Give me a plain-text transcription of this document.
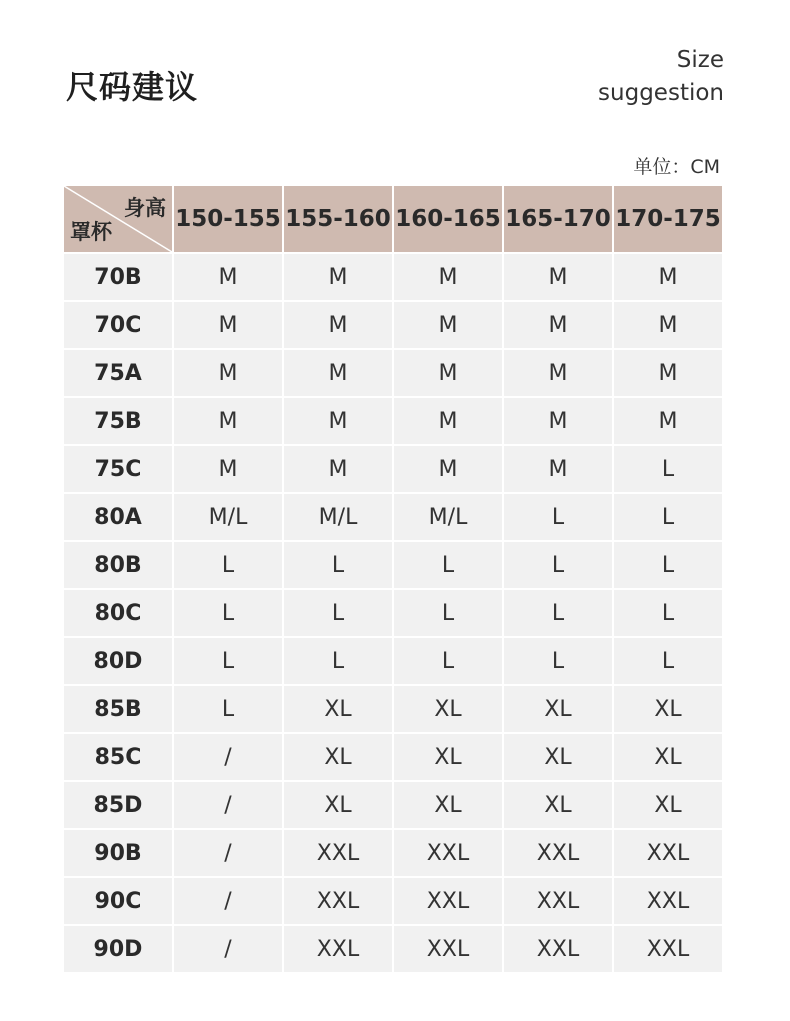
尺码建议
Size
suggestion
单位：CM
身高
罩杯	150-155	155-160	160-165	165-170	170-175
70B	M	M	M	M	M
70C	M	M	M	M	M
75A	M	M	M	M	M
75B	M	M	M	M	M
75C	M	M	M	M	L
80A	M/L	M/L	M/L	L	L
80B	L	L	L	L	L
80C	L	L	L	L	L
80D	L	L	L	L	L
85B	L	XL	XL	XL	XL
85C	/	XL	XL	XL	XL
85D	/	XL	XL	XL	XL
90B	/	XXL	XXL	XXL	XXL
90C	/	XXL	XXL	XXL	XXL
90D	/	XXL	XXL	XXL	XXL
